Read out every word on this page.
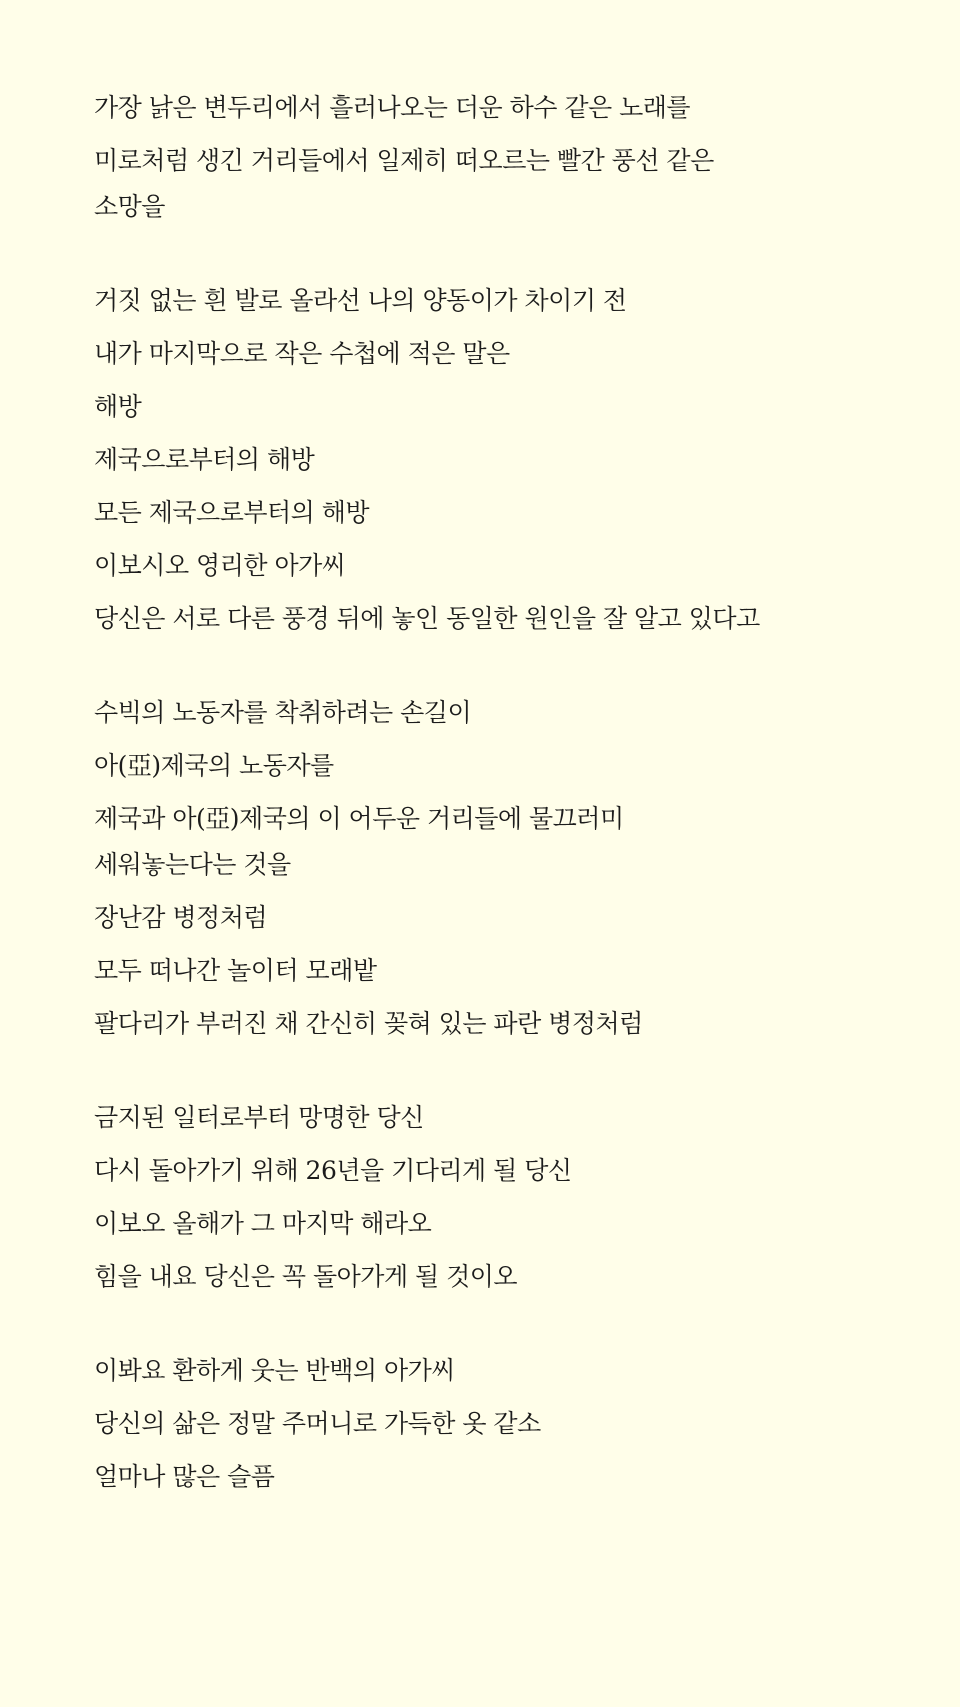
가장 낡은 변두리에서 흘러나오는 더운 하수 같은 노래를

미로처럼 생긴 거리들에서 일제히 떠오르는 빨간 풍선 같은 소망을

거짓 없는 흰 발로 올라선 나의 양동이가 차이기 전

내가 마지막으로 작은 수첩에 적은 말은

해방

제국으로부터의 해방

모든 제국으로부터의 해방

이보시오 영리한 아가씨

당신은 서로 다른 풍경 뒤에 놓인 동일한 원인을 잘 알고 있다고

수빅의 노동자를 착취하려는 손길이

아(亞)제국의 노동자를

제국과 아(亞)제국의 이 어두운 거리들에 물끄러미 세워놓는다는 것을

장난감 병정처럼

모두 떠나간 놀이터 모래밭

팔다리가 부러진 채 간신히 꽂혀 있는 파란 병정처럼

금지된 일터로부터 망명한 당신

다시 돌아가기 위해 26년을 기다리게 될 당신

이보오 올해가 그 마지막 해라오

힘을 내요 당신은 꼭 돌아가게 될 것이오

이봐요 환하게 웃는 반백의 아가씨

당신의 삶은 정말 주머니로 가득한 옷 같소

얼마나 많은 슬픔
